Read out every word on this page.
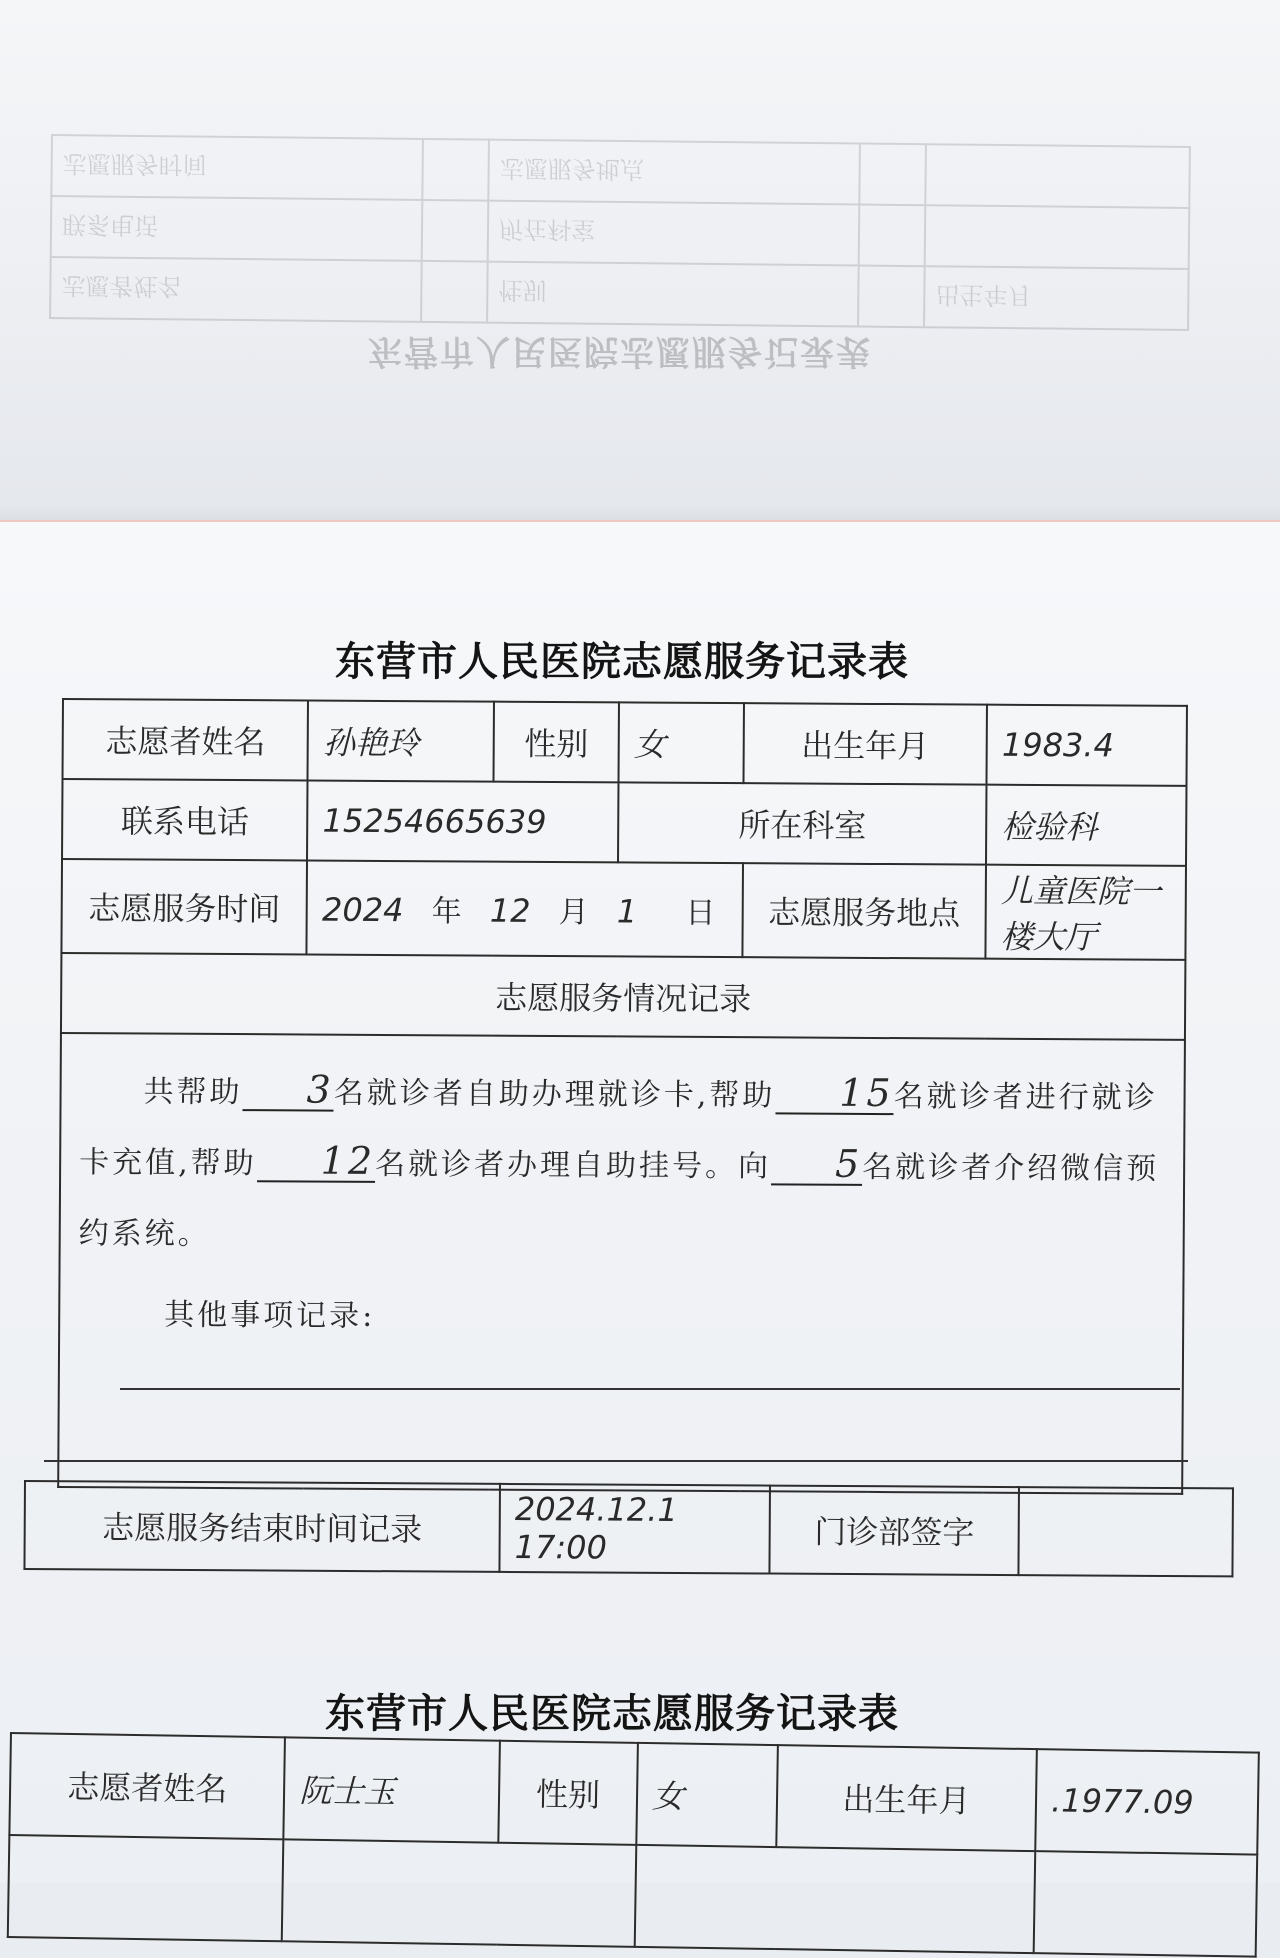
志愿者姓名		性别		出生年月
联系电话		所在科室		
志愿服务时间		志愿服务地点		
东营市人民医院志愿服务记录表
东营市人民医院志愿服务记录表
志愿者姓名	孙艳玲	性别	女	出生年月	1983.4
联系电话	15254665639		所在科室		检验科
志愿服务时间	2024 年 12 月 1 日			志愿服务地点	儿童医院一楼大厅
志愿服务情况记录					

共帮助 3名就诊者自助办理就诊卡,帮助 15名就诊者进行就诊卡充值,帮助 12名就诊者办理自助挂号。向 5名就诊者介绍微信预约系统。
其他事项记录:					
志愿服务结束时间记录	2024.12.1 17:00	门诊部签字	
东营市人民医院志愿服务记录表
志愿者姓名	阮士玉	性别	女	出生年月	.1977.09
